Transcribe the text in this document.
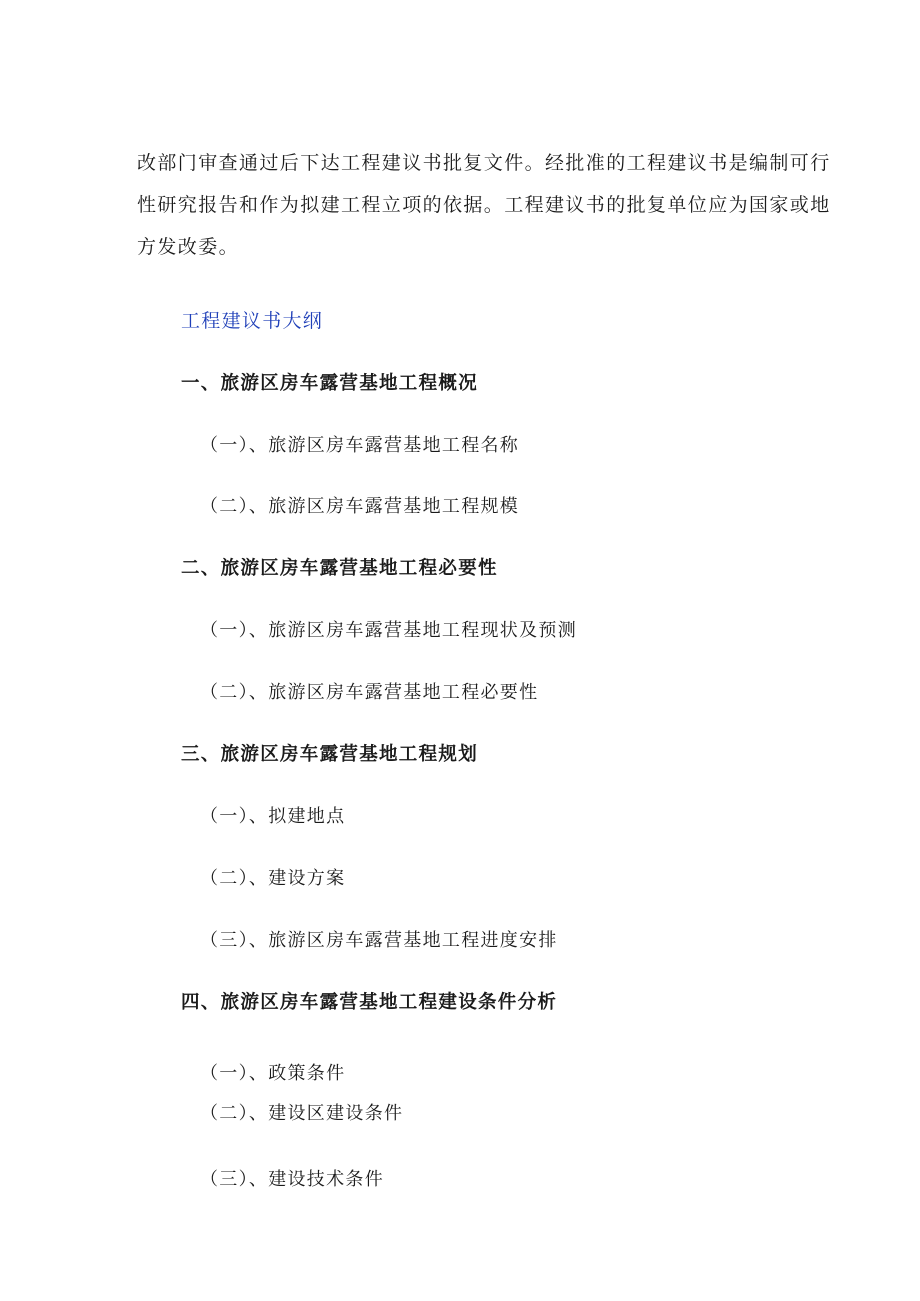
改部门审查通过后下达工程建议书批复文件。经批准的工程建议书是编制可行
性研究报告和作为拟建工程立项的依据。工程建议书的批复单位应为国家或地
方发改委。
工程建议书大纲
一、旅游区房车露营基地工程概况
（一）、旅游区房车露营基地工程名称
（二）、旅游区房车露营基地工程规模
二、旅游区房车露营基地工程必要性
（一）、旅游区房车露营基地工程现状及预测
（二）、旅游区房车露营基地工程必要性
三、旅游区房车露营基地工程规划
（一）、拟建地点
（二）、建设方案
（三）、旅游区房车露营基地工程进度安排
四、旅游区房车露营基地工程建设条件分析
（一）、政策条件
（二）、建设区建设条件
（三）、建设技术条件
